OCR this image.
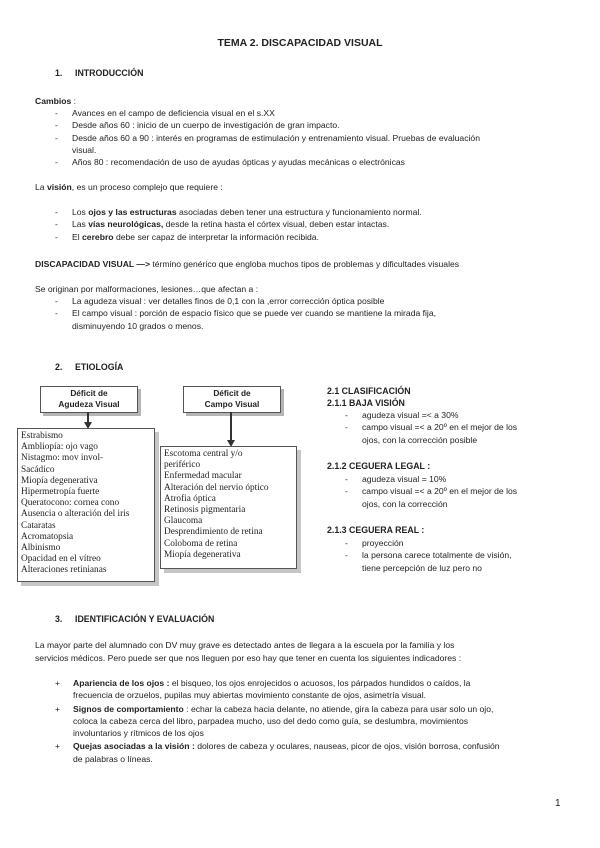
TEMA 2. DISCAPACIDAD VISUAL
1. INTRODUCCIÓN
Cambios :
- Avances en el campo de deficiencia visual en el s.XX
- Desde años 60 : inicio de un cuerpo de investigación de gran impacto.
- Desde años 60 a 90 : interés en programas de estimulación y entrenamiento visual. Pruebas de evaluación
visual.
- Años 80 : recomendación de uso de ayudas ópticas y ayudas mecánicas o electrónicas
La visión, es un proceso complejo que requiere :
- Los ojos y las estructuras asociadas deben tener una estructura y funcionamiento normal.
- Las vías neurológicas, desde la retina hasta el córtex visual, deben estar intactas.
- El cerebro debe ser capaz de interpretar la información recibida.
DISCAPACIDAD VISUAL —> término genérico que engloba muchos tipos de problemas y dificultades visuales
Se originan por malformaciones, lesiones…que afectan a :
- La agudeza visual : ver detalles finos de 0,1 con la ,error corrección óptica posible
- El campo visual : porción de espacio físico que se puede ver cuando se mantiene la mirada fija,
disminuyendo 10 grados o menos.
2. ETIOLOGÍA
Déficit de
Agudeza Visual
Déficit de
Campo Visual
Estrabismo
Ambliopía: ojo vago
Nistagmo: mov invol-
Sacádico
Miopía degenerativa
Hipermetropía fuerte
Queratocono: cornea cono
Ausencia o alteración del iris
Cataratas
Acromatopsia
Albinismo
Opacidad en el vítreo
Alteraciones retinianas
Escotoma central y/o
periférico
Enfermedad macular
Alteración del nervio óptico
Atrofia óptica
Retinosis pigmentaria
Glaucoma
Desprendimiento de retina
Coloboma de retina
Miopía degenerativa
2.1 CLASIFICACIÓN
2.1.1 BAJA VISIÓN
- agudeza visual =< a 30%
- campo visual =< a 20º en el mejor de los
ojos, con la corrección posible
2.1.2 CEGUERA LEGAL :
- agudeza visual = 10%
- campo visual =< a 20º en el mejor de los
ojos, con la corrección
2.1.3 CEGUERA REAL :
- proyección
- la persona carece totalmente de visión,
tiene percepción de luz pero no
3. IDENTIFICACIÓN Y EVALUACIÓN
La mayor parte del alumnado con DV muy grave es detectado antes de llegara a la escuela por la familia y los
servicios médicos. Pero puede ser que nos lleguen por eso hay que tener en cuenta los siguientes indicadores :
+ Apariencia de los ojos : el bisqueo, los ojos enrojecidos o acuosos, los párpados hundidos o caídos, la
frecuencia de orzuelos, pupilas muy abiertas movimiento constante de ojos, asimetría visual.
+ Signos de comportamiento : echar la cabeza hacia delante, no atiende, gira la cabeza para usar solo un ojo,
coloca la cabeza cerca del libro, parpadea mucho, uso del dedo como guía, se deslumbra, movimientos
involuntarios y rítmicos de los ojos
+ Quejas asociadas a la visión : dolores de cabeza y oculares, nauseas, picor de ojos, visión borrosa, confusión
de palabras o líneas.
1
